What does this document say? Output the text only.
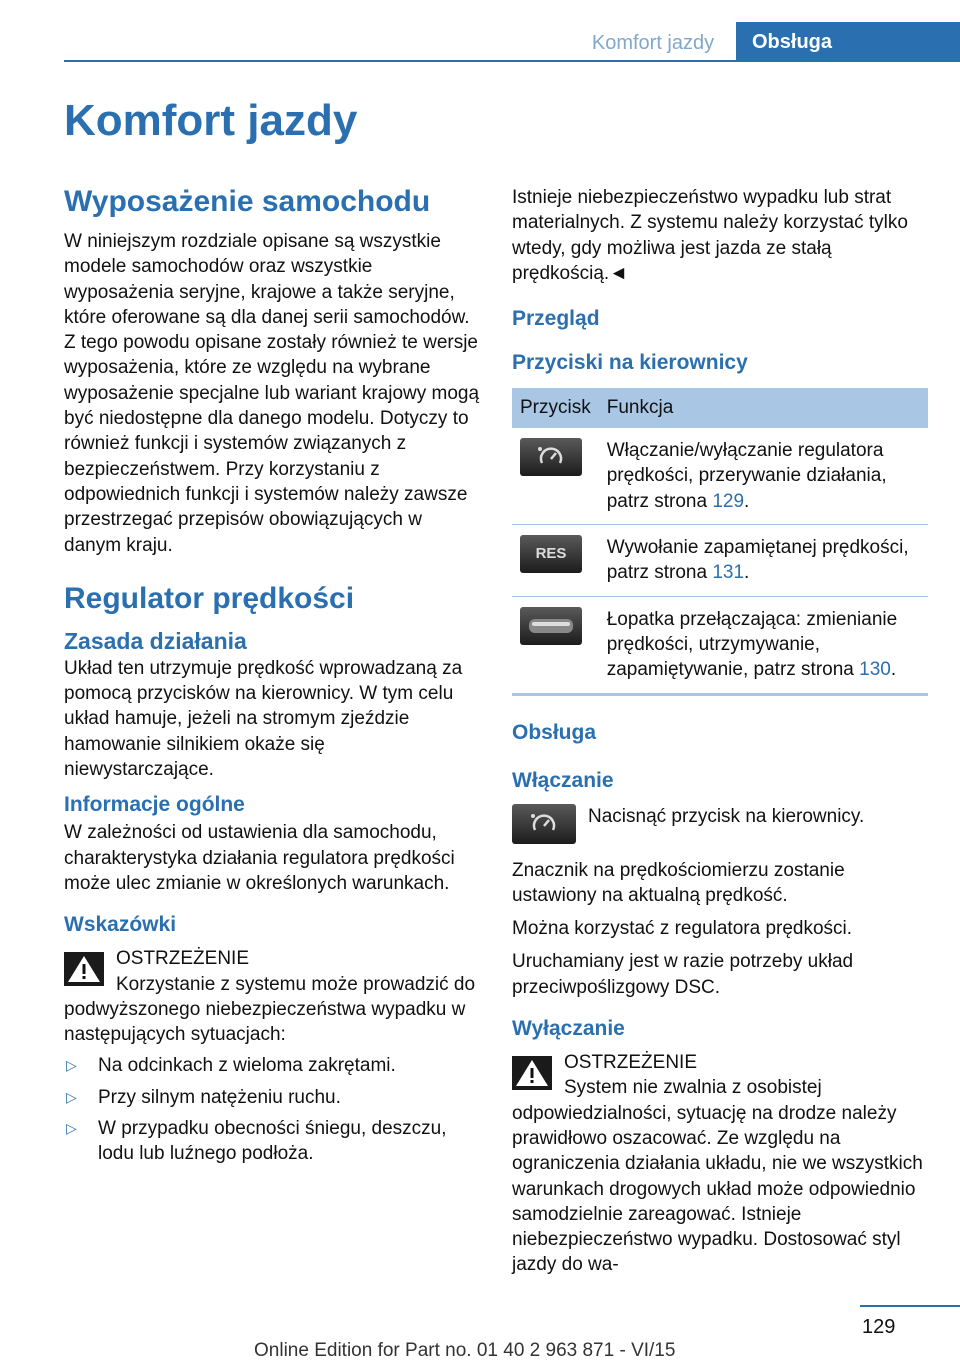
Komfort jazdy	Obsługa
Komfort jazdy
Wyposażenie samochodu

W niniejszym rozdziale opisane są wszystkie modele samochodów oraz wszystkie wyposażenia seryjne, krajowe a także seryjne, które oferowane są dla danej serii samochodów. Z tego powodu opisane zostały również te wersje wyposażenia, które ze względu na wybrane wyposażenie specjalne lub wariant krajowy mogą być niedostępne dla danego modelu. Dotyczy to również funkcji i systemów związanych z bezpieczeństwem. Przy korzystaniu z odpowiednich funkcji i systemów należy zawsze przestrzegać przepisów obowiązujących w danym kraju.

Regulator prędkości
Zasada działania

Układ ten utrzymuje prędkość wprowadzaną za pomocą przycisków na kierownicy. W tym celu układ hamuje, jeżeli na stromym zjeździe hamowanie silnikiem okaże się niewystarczające.

Informacje ogólne

W zależności od ustawienia dla samochodu, charakterystyka działania regulatora prędkości może ulec zmianie w określonych warunkach.

Wskazówki

OSTRZEŻENIE

Korzystanie z systemu może prowadzić do podwyższonego niebezpieczeństwa wypadku w następujących sytuacjach:

▷ Na odcinkach z wieloma zakrętami.
▷ Przy silnym natężeniu ruchu.
▷ W przypadku obecności śniegu, deszczu, lodu lub luźnego podłoża.

Istnieje niebezpieczeństwo wypadku lub strat materialnych. Z systemu należy korzystać tylko wtedy, gdy możliwa jest jazda ze stałą prędkością.◄

Przegląd
Przyciski na kierownicy
Przycisk	Funkcja

	Włączanie/wyłączanie regulatora prędkości, przerywanie działania, patrz strona 129.

RES	Wywołanie zapamiętanej prędkości, patrz strona 131.

	Łopatka przełączająca: zmienianie prędkości, utrzymywanie, zapamiętywanie, patrz strona 130.
Obsługa
Włączanie

Nacisnąć przycisk na kierownicy.

Znacznik na prędkościomierzu zostanie ustawiony na aktualną prędkość.

Można korzystać z regulatora prędkości.

Uruchamiany jest w razie potrzeby układ przeciwpoślizgowy DSC.

Wyłączanie

OSTRZEŻENIE

System nie zwalnia z osobistej odpowiedzialności, sytuację na drodze należy prawidłowo oszacować. Ze względu na ograniczenia działania układu, nie we wszystkich warunkach drogowych układ może odpowiednio samodzielnie zareagować. Istnieje niebezpieczeństwo wypadku. Dostosować styl jazdy do wa-

129
Online Edition for Part no. 01 40 2 963 871 - VI/15
